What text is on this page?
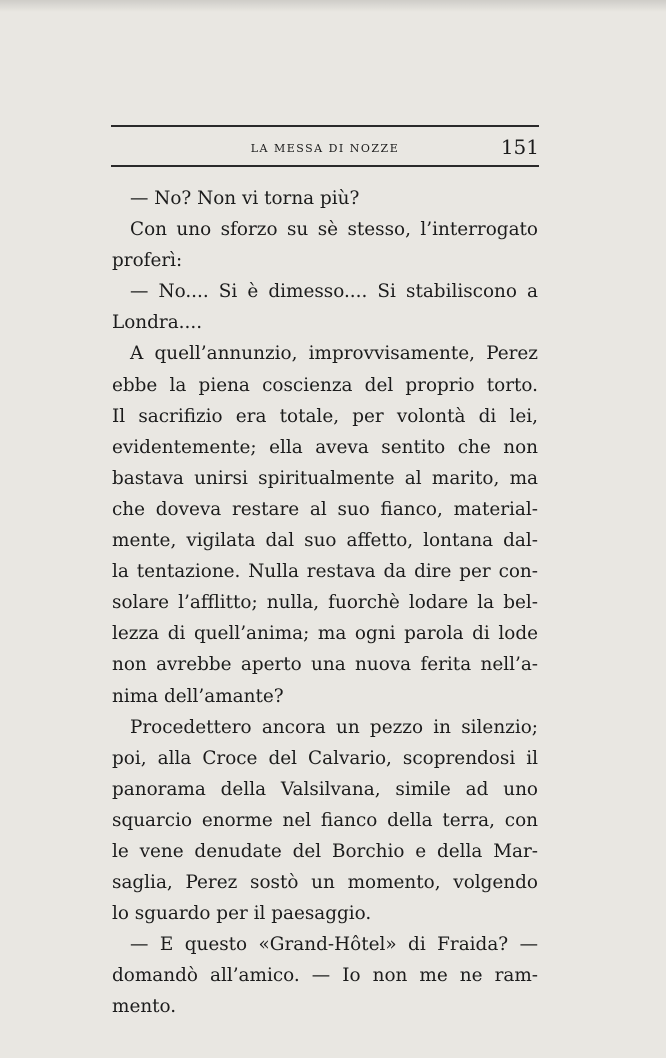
LA MESSA DI NOZZE	151
— No? Non vi torna più?
Con uno sforzo su sè stesso, l’interrogato
proferì:
— No.... Si è dimesso.... Si stabiliscono a
Londra....
A quell’annunzio, improvvisamente, Perez
ebbe la piena coscienza del proprio torto.
Il sacrifizio era totale, per volontà di lei,
evidentemente; ella aveva sentito che non
bastava unirsi spiritualmente al marito, ma
che doveva restare al suo fianco, material-
mente, vigilata dal suo affetto, lontana dal-
la tentazione. Nulla restava da dire per con-
solare l’afflitto; nulla, fuorchè lodare la bel-
lezza di quell’anima; ma ogni parola di lode
non avrebbe aperto una nuova ferita nell’a-
nima dell’amante?
Procedettero ancora un pezzo in silenzio;
poi, alla Croce del Calvario, scoprendosi il
panorama della Valsilvana, simile ad uno
squarcio enorme nel fianco della terra, con
le vene denudate del Borchio e della Mar-
saglia, Perez sostò un momento, volgendo
lo sguardo per il paesaggio.
— E questo «Grand-Hôtel» di Fraida? —
domandò all’amico. — Io non me ne ram-
mento.
